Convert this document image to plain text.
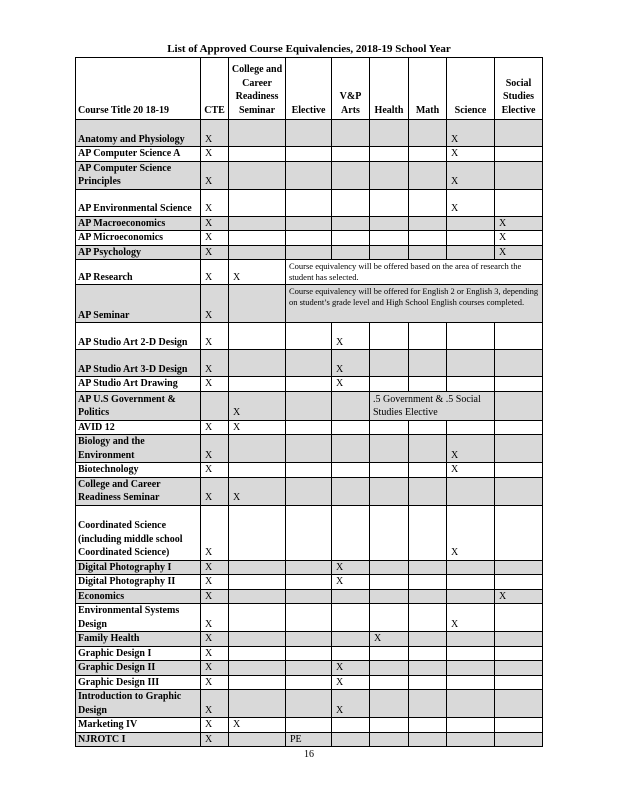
List of Approved Course Equivalencies, 2018-19 School Year
Course Title 20 18-19	CTE	College and Career Readiness Seminar	Elective	V&P Arts	Health	Math	Science	Social Studies Elective
Anatomy and Physiology	X						X	
AP Computer Science A	X						X	
AP Computer Science Principles	X						X	
AP Environmental Science	X						X	
AP Macroeconomics	X							X
AP Microeconomics	X							X
AP Psychology	X							X
AP Research	X	X	Course equivalency will be offered based on the area of research the student has selected.					
AP Seminar	X		Course equivalency will be offered for English 2 or English 3, depending on student’s grade level and High School English courses completed.					
AP Studio Art 2-D Design	X			X				
AP Studio Art 3-D Design	X			X				
AP Studio Art Drawing	X			X				
AP U.S Government & Politics		X			.5 Government & .5 Social Studies Elective			
AVID 12	X	X						
Biology and the Environment	X						X	
Biotechnology	X						X	
College and Career Readiness Seminar	X	X						
Coordinated Science (including middle school Coordinated Science)	X						X	
Digital Photography I	X			X				
Digital Photography II	X			X				
Economics	X							X
Environmental Systems Design	X						X	
Family Health	X				X			
Graphic Design I	X							
Graphic Design II	X			X				
Graphic Design III	X			X				
Introduction to Graphic Design	X			X				
Marketing IV	X	X						
NJROTC I	X		PE					
16
